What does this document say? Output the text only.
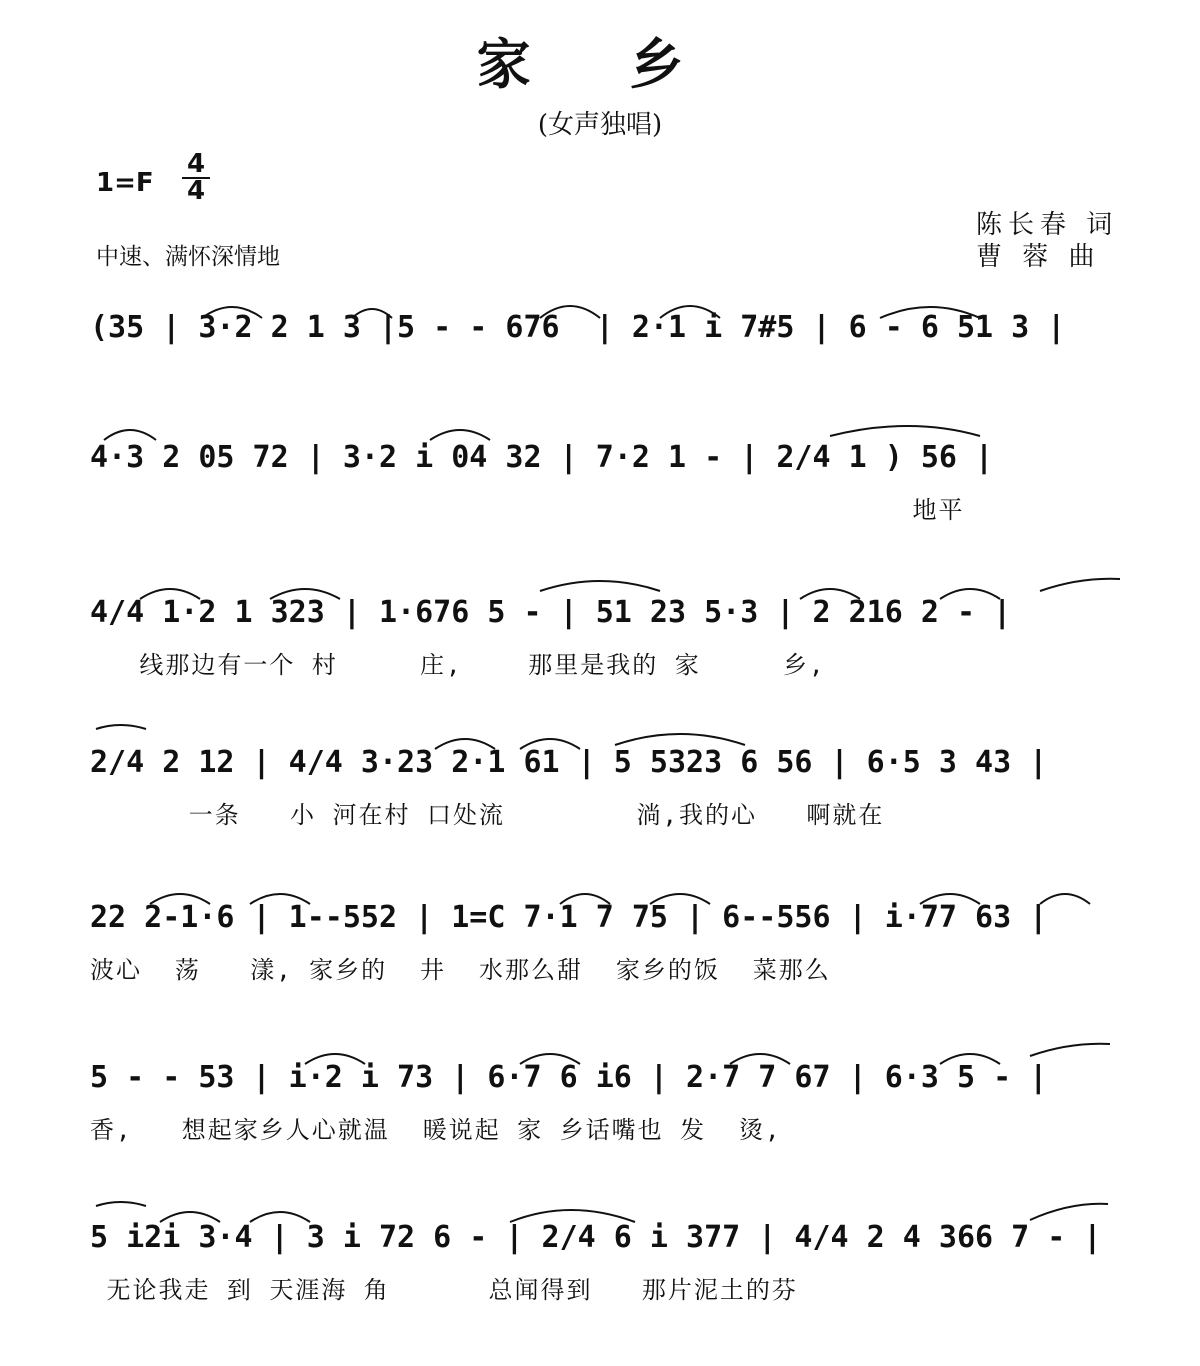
家 乡
(女声独唱)
1=F
4
4
中速、满怀深情地
陈长春 词
曹 蓉 曲
(35 | 3·2 2 1 3 |5 - - 676  | 2·1 i 7#5 | 6 - 6 51 3 |
4·3 2 05 72 | 3·2 i 04 32 | 7·2 1 - | 2/4 1 ) 56 |
地平
4/4 1·2 1 323 | 1·676 5 - | 51 23 5·3 | 2 216 2 - |
线那边有一个 村     庄,    那里是我的 家     乡,
2/4 2 12 | 4/4 3·23 2·1 61 | 5 5323 6 56 | 6·5 3 43 |
一条   小 河在村 口处流        淌,我的心   啊就在
22 2-1·6 | 1--552 | 1=C 7·1 7 75 | 6--556 | i·77 63 |
波心  荡   漾, 家乡的  井  水那么甜  家乡的饭  菜那么
5 - - 53 | i·2 i 73 | 6·7 6 i6 | 2·7 7 67 | 6·3 5 - |
香,   想起家乡人心就温  暖说起 家 乡话嘴也 发  烫,
5 i2i 3·4 | 3 i 72 6 - | 2/4 6 i 377 | 4/4 2 4 366 7 - |
无论我走 到 天涯海 角      总闻得到   那片泥土的芬
